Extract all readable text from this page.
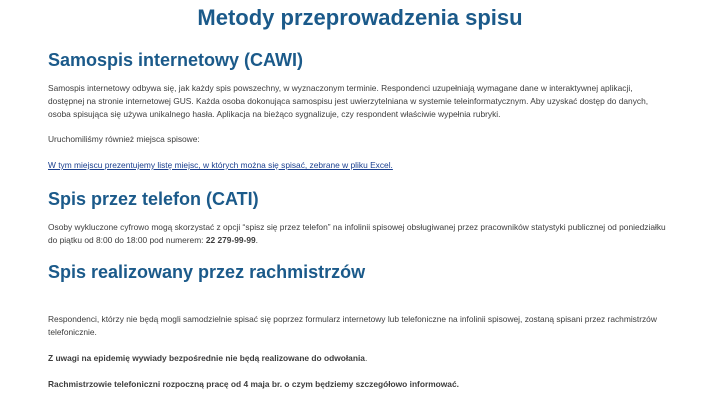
Metody przeprowadzenia spisu
Samospis internetowy (CAWI)

Samospis internetowy odbywa się, jak każdy spis powszechny, w wyznaczonym terminie. Respondenci uzupełniają wymagane dane w interaktywnej aplikacji, dostępnej na stronie internetowej GUS. Każda osoba dokonująca samospisu jest uwierzytelniana w systemie teleinformatycznym. Aby uzyskać dostęp do danych, osoba spisująca się używa unikalnego hasła. Aplikacja na bieżąco sygnalizuje, czy respondent właściwie wypełnia rubryki.

Uruchomiliśmy również miejsca spisowe:

W tym miejscu prezentujemy listę miejsc, w których można się spisać, zebrane w pliku Excel.

Spis przez telefon (CATI)

Osoby wykluczone cyfrowo mogą skorzystać z opcji “spisz się przez telefon” na infolinii spisowej obsługiwanej przez pracowników statystyki publicznej od poniedziałku do piątku od 8:00 do 18:00 pod numerem: 22 279-99-99.

Spis realizowany przez rachmistrzów

Respondenci, którzy nie będą mogli samodzielnie spisać się poprzez formularz internetowy lub telefoniczne na infolinii spisowej, zostaną spisani przez rachmistrzów telefonicznie.

Z uwagi na epidemię wywiady bezpośrednie nie będą realizowane do odwołania.

Rachmistrzowie telefoniczni rozpoczną pracę od 4 maja br. o czym będziemy szczegółowo informować.
